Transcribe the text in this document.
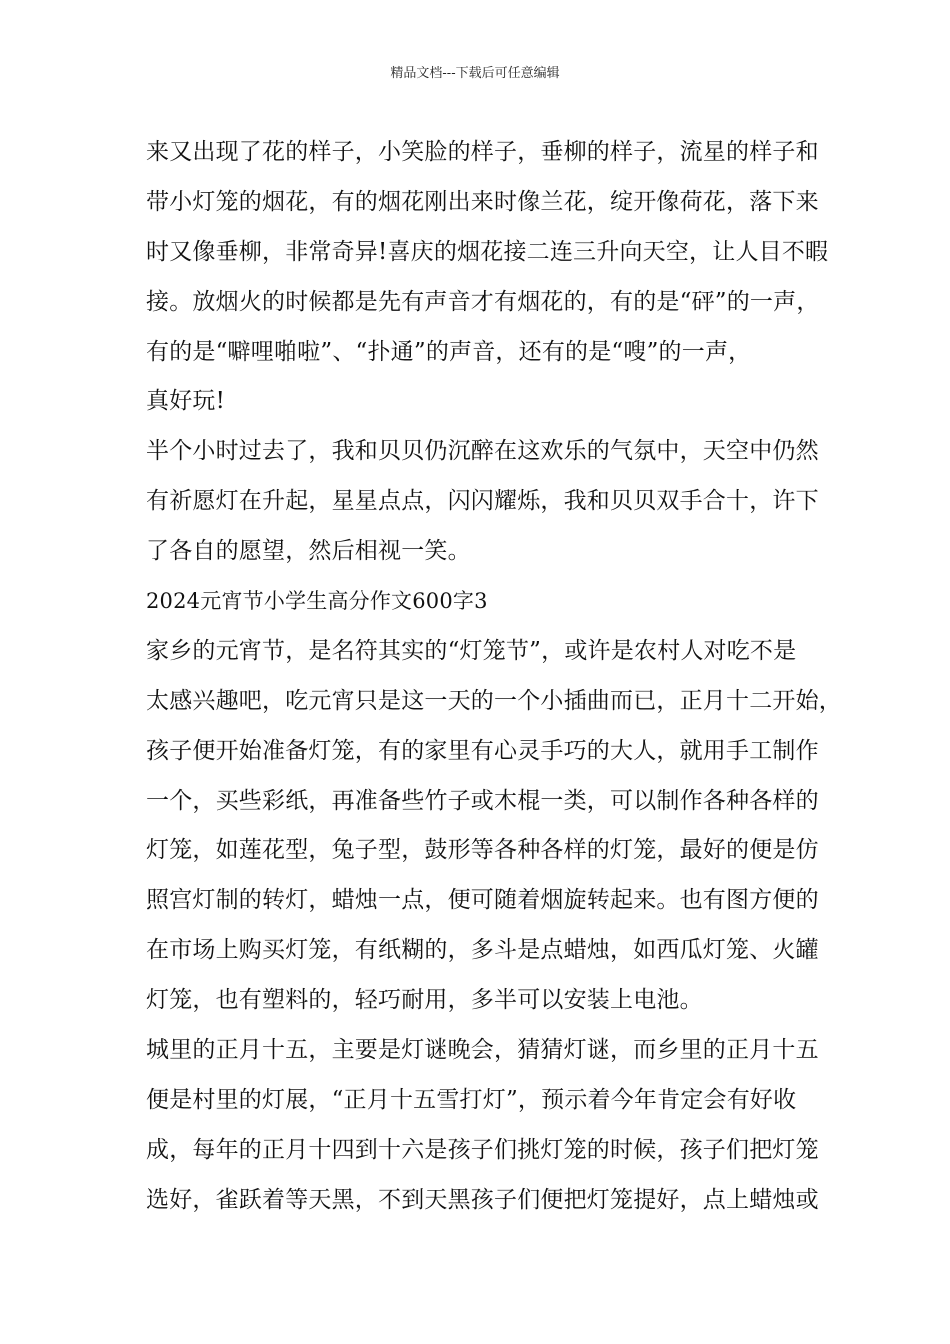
精品文档---下载后可任意编辑
来又出现了花的样子，小笑脸的样子，垂柳的样子，流星的样子和
带小灯笼的烟花，有的烟花刚出来时像兰花，绽开像荷花，落下来
时又像垂柳，非常奇异!喜庆的烟花接二连三升向天空，让人目不暇
接。放烟火的时候都是先有声音才有烟花的，有的是“砰”的一声，
有的是“噼哩啪啦”、“扑通”的声音，还有的是“嗖”的一声，
真好玩!
半个小时过去了，我和贝贝仍沉醉在这欢乐的气氛中，天空中仍然
有祈愿灯在升起，星星点点，闪闪耀烁，我和贝贝双手合十，许下
了各自的愿望，然后相视一笑。
2024元宵节小学生高分作文600字3
家乡的元宵节，是名符其实的“灯笼节”，或许是农村人对吃不是
太感兴趣吧，吃元宵只是这一天的一个小插曲而已，正月十二开始，
孩子便开始准备灯笼，有的家里有心灵手巧的大人，就用手工制作
一个，买些彩纸，再准备些竹子或木棍一类，可以制作各种各样的
灯笼，如莲花型，兔子型，鼓形等各种各样的灯笼，最好的便是仿
照宫灯制的转灯，蜡烛一点，便可随着烟旋转起来。也有图方便的
在市场上购买灯笼，有纸糊的，多斗是点蜡烛，如西瓜灯笼、火罐
灯笼，也有塑料的，轻巧耐用，多半可以安装上电池。
城里的正月十五，主要是灯谜晚会，猜猜灯谜，而乡里的正月十五
便是村里的灯展，“正月十五雪打灯”，预示着今年肯定会有好收
成，每年的正月十四到十六是孩子们挑灯笼的时候，孩子们把灯笼
选好，雀跃着等天黑，不到天黑孩子们便把灯笼提好，点上蜡烛或
